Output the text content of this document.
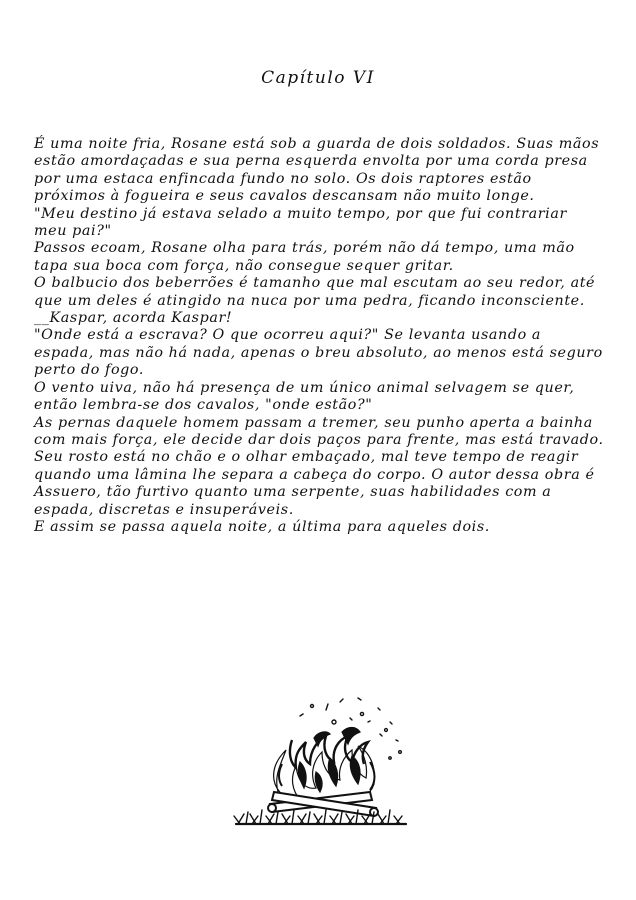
Capítulo VI

É uma noite fria, Rosane está sob a guarda de dois soldados. Suas mãos estão amordaçadas e sua perna esquerda envolta por uma corda presa por uma estaca enfincada fundo no solo. Os dois raptores estão próximos à fogueira e seus cavalos descansam não muito longe.

"Meu destino já estava selado a muito tempo, por que fui contrariar meu pai?"

Passos ecoam, Rosane olha para trás, porém não dá tempo, uma mão tapa sua boca com força, não consegue sequer gritar.

O balbucio dos beberrões é tamanho que mal escutam ao seu redor, até que um deles é atingido na nuca por uma pedra, ficando inconsciente.

__Kaspar, acorda Kaspar!

"Onde está a escrava? O que ocorreu aqui?" Se levanta usando a espada, mas não há nada, apenas o breu absoluto, ao menos está seguro perto do fogo.

O vento uiva, não há presença de um único animal selvagem se quer, então lembra-se dos cavalos, "onde estão?"

As pernas daquele homem passam a tremer, seu punho aperta a bainha com mais força, ele decide dar dois paços para frente, mas está travado.

Seu rosto está no chão e o olhar embaçado, mal teve tempo de reagir quando uma lâmina lhe separa a cabeça do corpo. O autor dessa obra é Assuero, tão furtivo quanto uma serpente, suas habilidades com a espada, discretas e insuperáveis.

E assim se passa aquela noite, a última para aqueles dois.
